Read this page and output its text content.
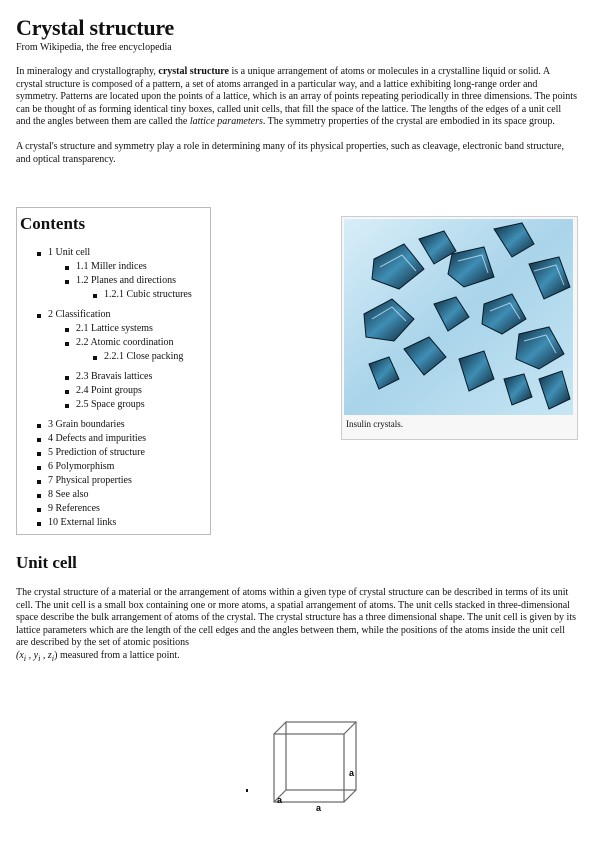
Crystal structure
From Wikipedia, the free encyclopedia

In mineralogy and crystallography, crystal structure is a unique arrangement of atoms or molecules in a crystalline liquid or solid. A crystal structure is composed of a pattern, a set of atoms arranged in a particular way, and a lattice exhibiting long-range order and symmetry. Patterns are located upon the points of a lattice, which is an array of points repeating periodically in three dimensions. The points can be thought of as forming identical tiny boxes, called unit cells, that fill the space of the lattice. The lengths of the edges of a unit cell and the angles between them are called the lattice parameters. The symmetry properties of the crystal are embodied in its space group.

A crystal's structure and symmetry play a role in determining many of its physical properties, such as cleavage, electronic band structure, and optical transparency.

Contents
1 Unit cell
1.1 Miller indices
1.2 Planes and directions
1.2.1 Cubic structures
2 Classification
2.1 Lattice systems
2.2 Atomic coordination
2.2.1 Close packing
2.3 Bravais lattices
2.4 Point groups
2.5 Space groups
3 Grain boundaries
4 Defects and impurities
5 Prediction of structure
6 Polymorphism
7 Physical properties
8 See also
9 References
10 External links
Insulin crystals.
Unit cell

The crystal structure of a material or the arrangement of atoms within a given type of crystal structure can be described in terms of its unit cell. The unit cell is a small box containing one or more atoms, a spatial arrangement of atoms. The unit cells stacked in three-dimensional space describe the bulk arrangement of atoms of the crystal. The crystal structure has a three dimensional shape. The unit cell is given by its lattice parameters which are the length of the cell edges and the angles between them, while the positions of the atoms inside the unit cell are described by the set of atomic positions
($x_i$ , $y_i$ , $z_i$) measured from a lattice point.

a
a
a
